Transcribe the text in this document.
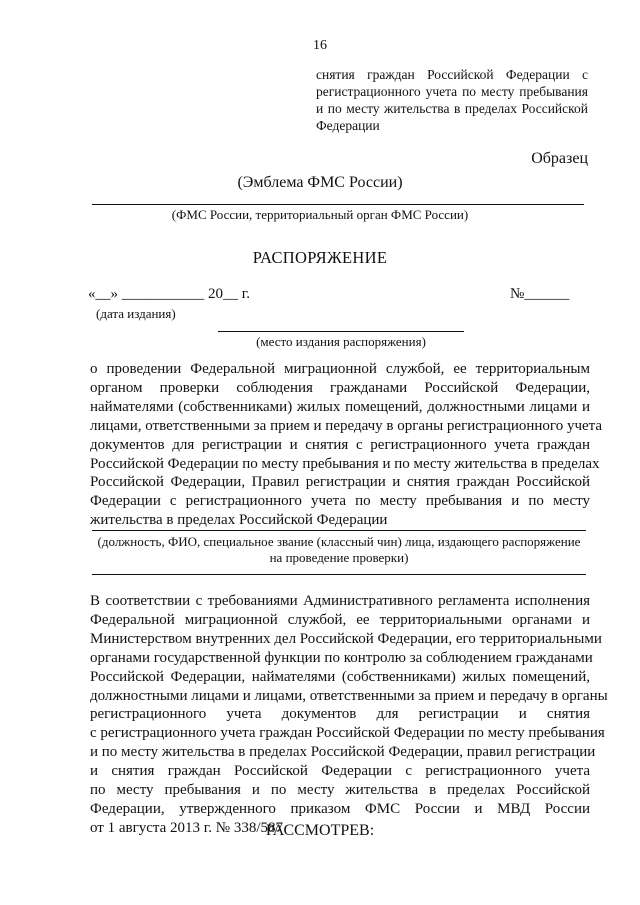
16
снятия граждан Российской Федерации с регистрационного учета по месту пребывания и по месту жительства в пределах Российской Федерации
Образец
(Эмблема ФМС России)
(ФМС России, территориальный орган ФМС России)
РАСПОРЯЖЕНИЕ
«__» ___________ 20__ г.	№______
(дата издания)
(место издания распоряжения)
о проведении Федеральной миграционной службой, ее территориальным
органом проверки соблюдения гражданами Российской Федерации,
наймателями (собственниками) жилых помещений, должностными лицами и
лицами, ответственными за прием и передачу в органы регистрационного учета
документов для регистрации и снятия с регистрационного учета граждан
Российской Федерации по месту пребывания и по месту жительства в пределах
Российской Федерации, Правил регистрации и снятия граждан Российской
Федерации с регистрационного учета по месту пребывания и по месту
жительства в пределах Российской Федерации
(должность, ФИО, специальное звание (классный чин) лица, издающего распоряжение на проведение проверки)
В соответствии с требованиями Административного регламента исполнения
Федеральной миграционной службой, ее территориальными органами и
Министерством внутренних дел Российской Федерации, его территориальными
органами государственной функции по контролю за соблюдением гражданами
Российской Федерации, наймателями (собственниками) жилых помещений,
должностными лицами и лицами, ответственными за прием и передачу в органы
регистрационного учета документов для регистрации и снятия
с регистрационного учета граждан Российской Федерации по месту пребывания
и по месту жительства в пределах Российской Федерации, правил регистрации
и снятия граждан Российской Федерации с регистрационного учета
по месту пребывания и по месту жительства в пределах Российской
Федерации, утвержденного приказом ФМС России и МВД России
от 1 августа 2013 г. № 338/587
РАССМОТРЕВ:
